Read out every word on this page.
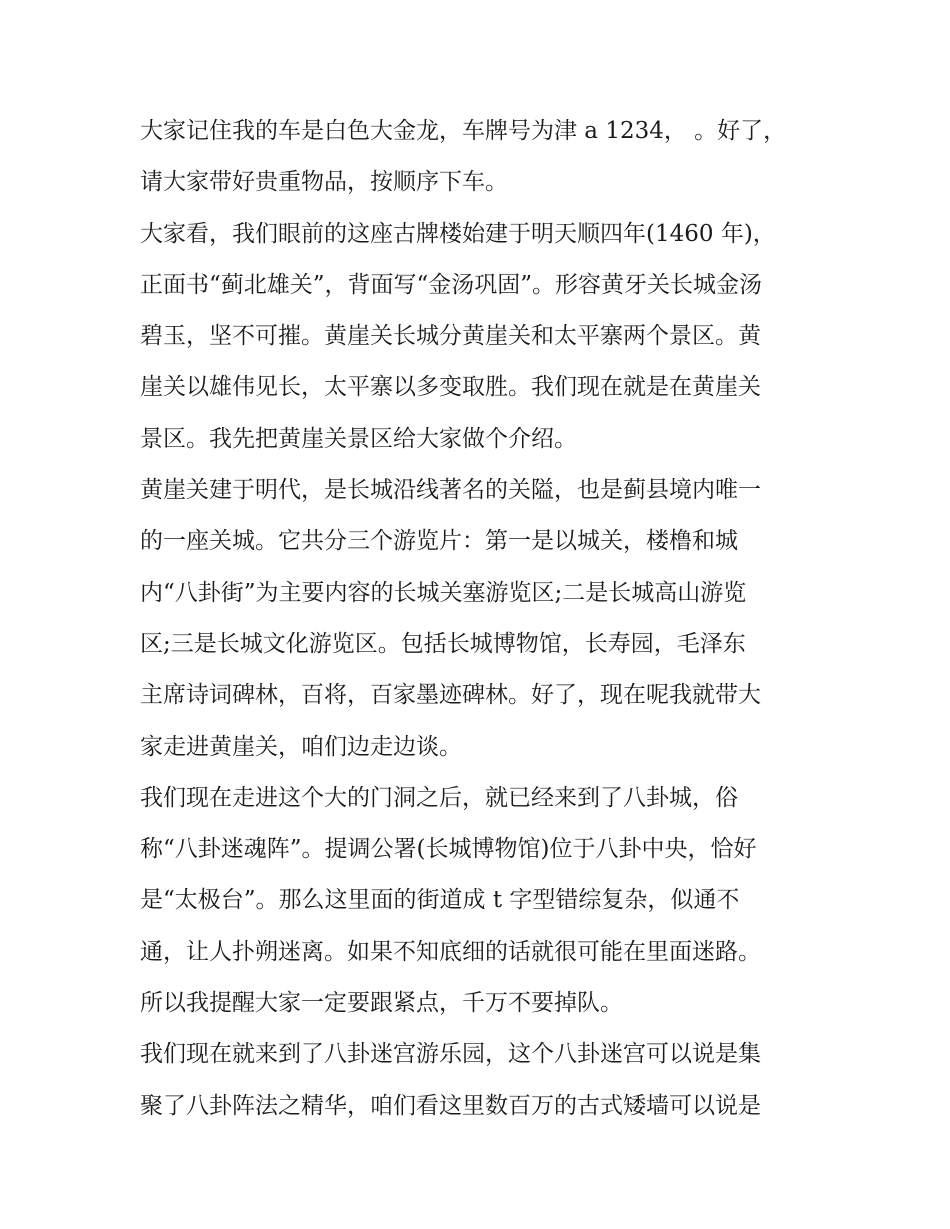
大家记住我的车是白色大金龙，车牌号为津 a 1234， 。好了，
请大家带好贵重物品，按顺序下车。
大家看，我们眼前的这座古牌楼始建于明天顺四年(1460 年)，
正面书“蓟北雄关”，背面写“金汤巩固”。形容黄牙关长城金汤
碧玉，坚不可摧。黄崖关长城分黄崖关和太平寨两个景区。黄
崖关以雄伟见长，太平寨以多变取胜。我们现在就是在黄崖关
景区。我先把黄崖关景区给大家做个介绍。
黄崖关建于明代，是长城沿线著名的关隘，也是蓟县境内唯一
的一座关城。它共分三个游览片：第一是以城关，楼橹和城
内“八卦街”为主要内容的长城关塞游览区;二是长城高山游览
区;三是长城文化游览区。包括长城博物馆，长寿园，毛泽东
主席诗词碑林，百将，百家墨迹碑林。好了，现在呢我就带大
家走进黄崖关，咱们边走边谈。
我们现在走进这个大的门洞之后，就已经来到了八卦城，俗
称“八卦迷魂阵”。提调公署(长城博物馆)位于八卦中央，恰好
是“太极台”。那么这里面的街道成 t 字型错综复杂，似通不
通，让人扑朔迷离。如果不知底细的话就很可能在里面迷路。
所以我提醒大家一定要跟紧点，千万不要掉队。
我们现在就来到了八卦迷宫游乐园，这个八卦迷宫可以说是集
聚了八卦阵法之精华，咱们看这里数百万的古式矮墙可以说是
